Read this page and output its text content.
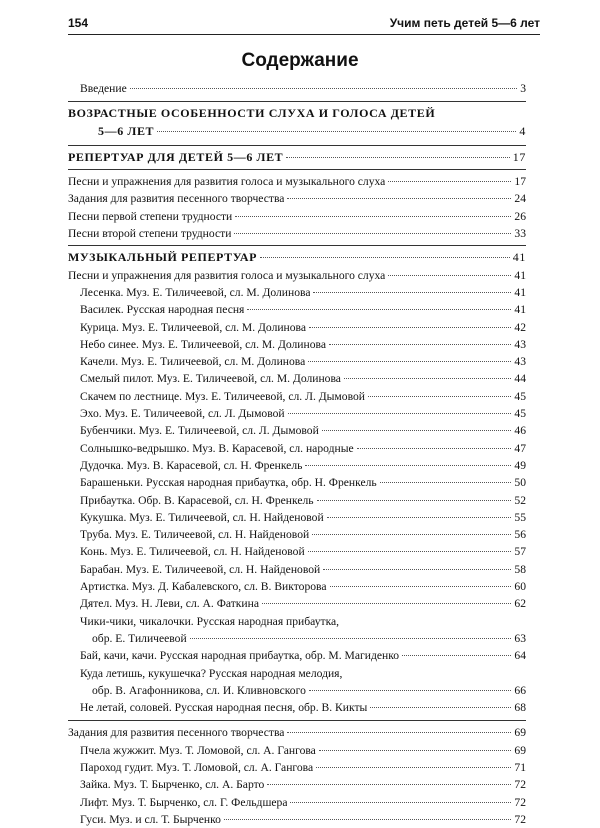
154	Учим петь детей 5—6 лет
Содержание
Введение	3
ВОЗРАСТНЫЕ ОСОБЕННОСТИ СЛУХА И ГОЛОСА ДЕТЕЙ
5—6 ЛЕТ	4
РЕПЕРТУАР ДЛЯ ДЕТЕЙ 5—6 ЛЕТ	17
Песни и упражнения для развития голоса и музыкального слуха	17
Задания для развития песенного творчества	24
Песни первой степени трудности	26
Песни второй степени трудности	33
МУЗЫКАЛЬНЫЙ РЕПЕРТУАР	41
Песни и упражнения для развития голоса и музыкального слуха	41
Лесенка. Муз. Е. Тиличеевой, сл. М. Долинова	41
Василек. Русская народная песня	41
Курица. Муз. Е. Тиличеевой, сл. М. Долинова	42
Небо синее. Муз. Е. Тиличеевой, сл. М. Долинова	43
Качели. Муз. Е. Тиличеевой, сл. М. Долинова	43
Смелый пилот. Муз. Е. Тиличеевой, сл. М. Долинова	44
Скачем по лестнице. Муз. Е. Тиличеевой, сл. Л. Дымовой	45
Эхо. Муз. Е. Тиличеевой, сл. Л. Дымовой	45
Бубенчики. Муз. Е. Тиличеевой, сл. Л. Дымовой	46
Солнышко-ведрышко. Муз. В. Карасевой, сл. народные	47
Дудочка. Муз. В. Карасевой, сл. Н. Френкель	49
Барашеньки. Русская народная прибаутка, обр. Н. Френкель	50
Прибаутка. Обр. В. Карасевой, сл. Н. Френкель	52
Кукушка. Муз. Е. Тиличеевой, сл. Н. Найденовой	55
Труба. Муз. Е. Тиличеевой, сл. Н. Найденовой	56
Конь. Муз. Е. Тиличеевой, сл. Н. Найденовой	57
Барабан. Муз. Е. Тиличеевой, сл. Н. Найденовой	58
Артистка. Муз. Д. Кабалевского, сл. В. Викторова	60
Дятел. Муз. Н. Леви, сл. А. Фаткина	62
Чики-чики, чикалочки. Русская народная прибаутка,
обр. Е. Тиличеевой	63
Бай, качи, качи. Русская народная прибаутка, обр. М. Магиденко	64
Куда летишь, кукушечка? Русская народная мелодия,
обр. В. Агафонникова, сл. И. Кливновского	66
Не летай, соловей. Русская народная песня, обр. В. Кикты	68
Задания для развития песенного творчества	69
Пчела жужжит. Муз. Т. Ломовой, сл. А. Гангова	69
Пароход гудит. Муз. Т. Ломовой, сл. А. Гангова	71
Зайка. Муз. Т. Бырченко, сл. А. Барто	72
Лифт. Муз. Т. Бырченко, сл. Г. Фельдшера	72
Гуси. Муз. и сл. Т. Бырченко	72
